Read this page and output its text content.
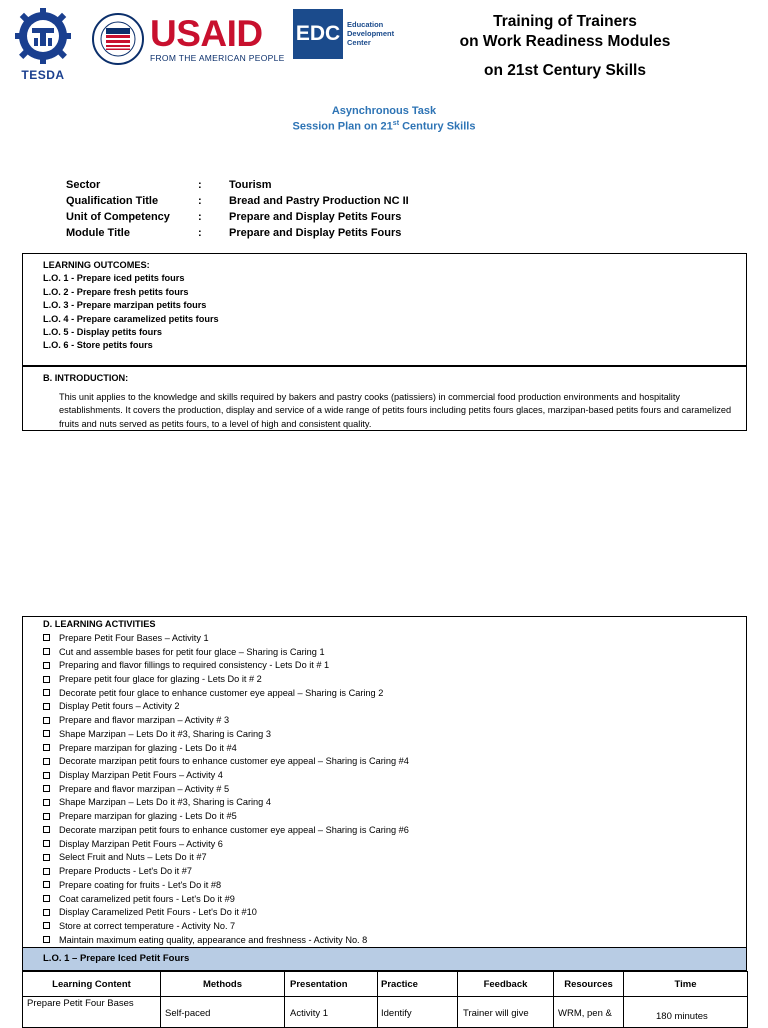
TESDA
USAID
FROM THE AMERICAN PEOPLE
EDC Education
Development
Center
Training of Trainers
on Work Readiness Modules
on 21st Century Skills
Asynchronous Task
Session Plan on 21st Century Skills
Sector	:	Tourism
Qualification Title	:	Bread and Pastry Production NC II
Unit of Competency	:	Prepare and Display Petits Fours
Module Title	:	Prepare and Display Petits Fours
LEARNING OUTCOMES:
L.O. 1 - Prepare iced petits fours
L.O. 2 - Prepare fresh petits fours
L.O. 3 - Prepare marzipan petits fours
L.O. 4 - Prepare caramelized petits fours
L.O. 5 - Display petits fours
L.O. 6 - Store petits fours
B. INTRODUCTION:
This unit applies to the knowledge and skills required by bakers and pastry cooks (patissiers) in commercial food production environments and hospitality establishments. It covers the production, display and service of a wide range of petits fours including petits fours glaces, marzipan-based petits fours and caramelized fruits and nuts served as petits fours, to a level of high and consistent quality.
D. LEARNING ACTIVITIES
Prepare Petit Four Bases – Activity 1
Cut and assemble bases for petit four glace – Sharing is Caring 1
Preparing and flavor fillings to required consistency - Lets Do it # 1
Prepare petit four glace for glazing - Lets Do it # 2
Decorate petit four glace to enhance customer eye appeal – Sharing is Caring 2
Display Petit fours – Activity 2
Prepare and flavor marzipan – Activity # 3
Shape Marzipan – Lets Do it #3, Sharing is Caring 3
Prepare marzipan for glazing - Lets Do it #4
Decorate marzipan petit fours to enhance customer eye appeal – Sharing is Caring #4
Display Marzipan Petit Fours – Activity 4
Prepare and flavor marzipan – Activity # 5
Shape Marzipan – Lets Do it #3, Sharing is Caring 4
Prepare marzipan for glazing - Lets Do it #5
Decorate marzipan petit fours to enhance customer eye appeal – Sharing is Caring #6
Display Marzipan Petit Fours – Activity 6
Select Fruit and Nuts – Lets Do it #7
Prepare Products - Let's Do it #7
Prepare coating for fruits - Let's Do it #8
Coat caramelized petit fours - Let's Do it #9
Display Caramelized Petit Fours - Let's Do it #10
Store at correct temperature - Activity No. 7
Maintain maximum eating quality, appearance and freshness - Activity No. 8
L.O. 1 – Prepare Iced Petit Fours
Learning Content	Methods	Presentation	Practice	Feedback	Resources	Time

Prepare Petit Four Bases	Self-paced	Activity 1	Identify	Trainer will give	WRM, pen &	180 minutes
